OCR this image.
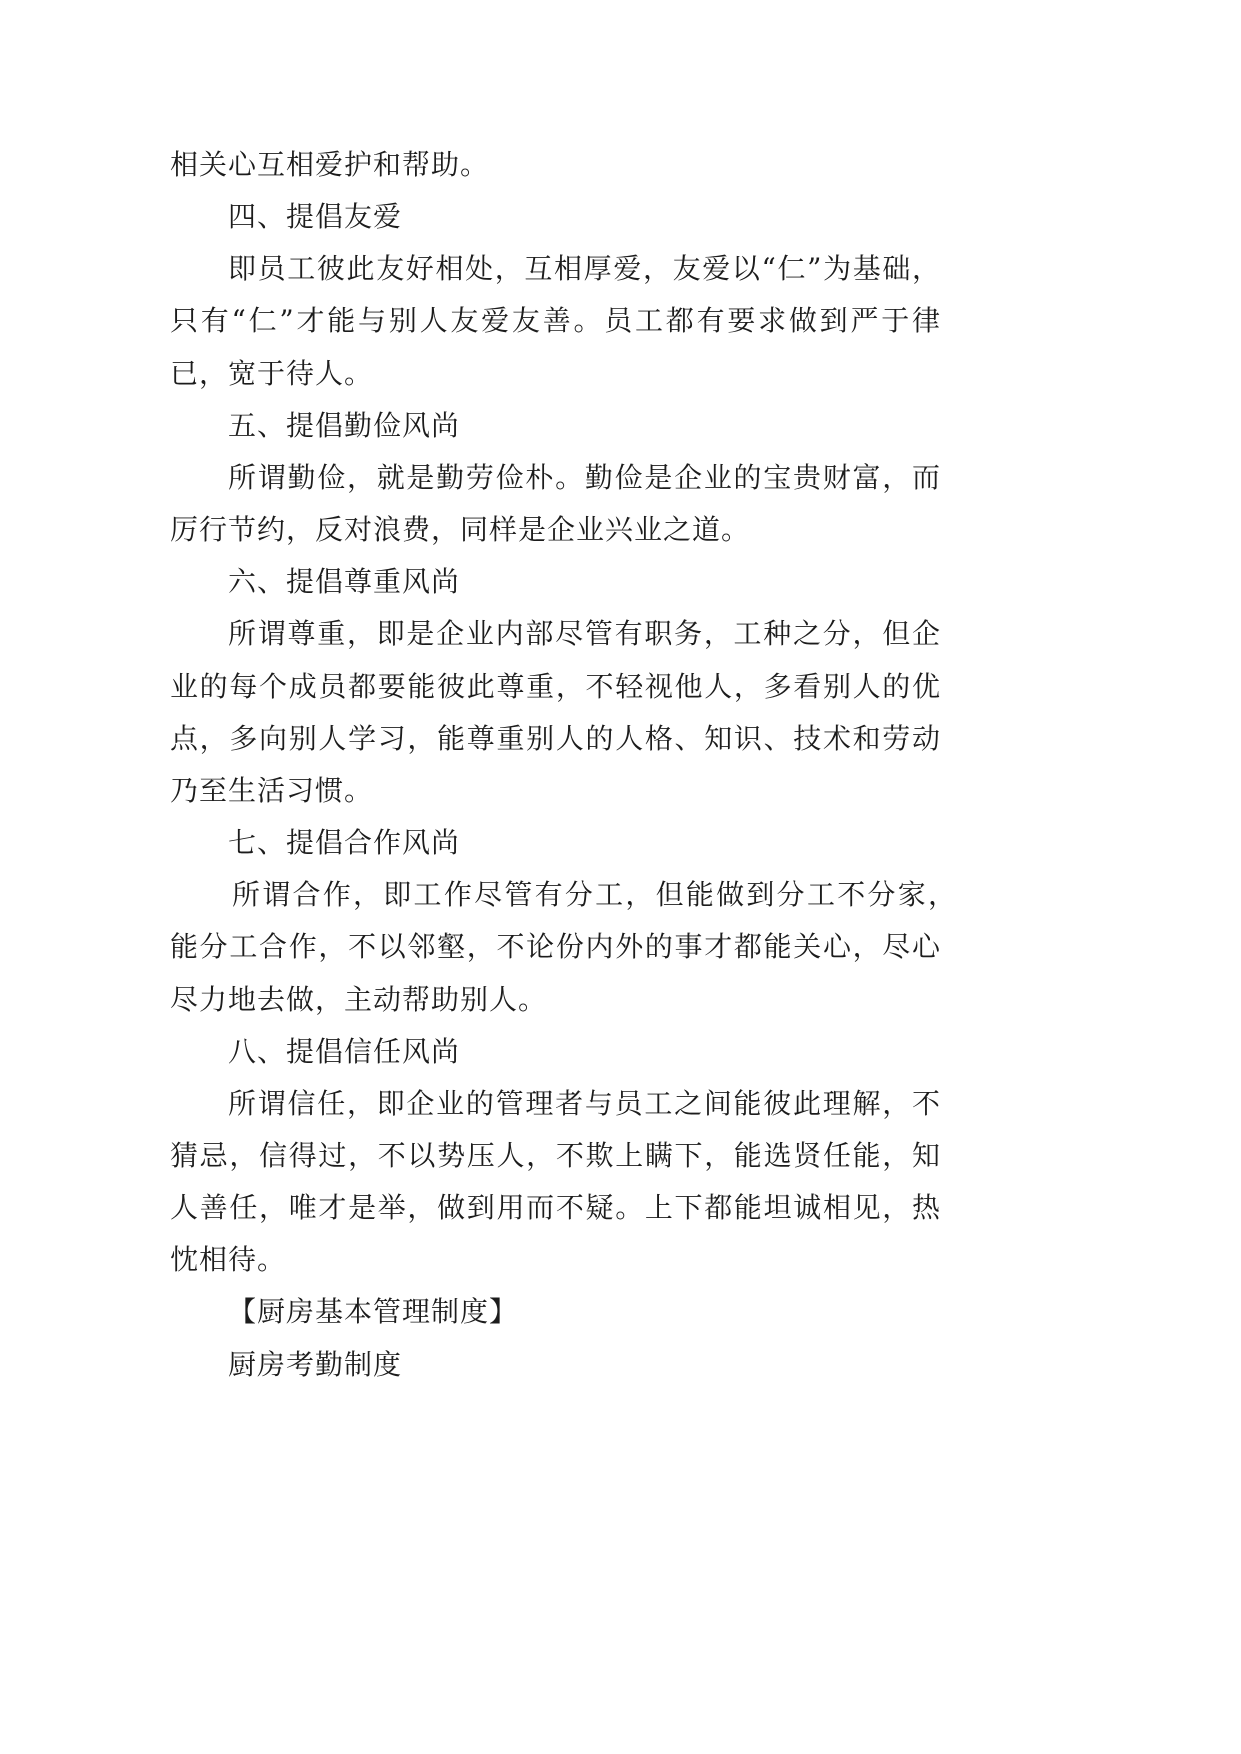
相关心互相爱护和帮助。
四、提倡友爱
即员工彼此友好相处，互相厚爱，友爱以“仁”为基础，
只有“仁”才能与别人友爱友善。员工都有要求做到严于律
已，宽于待人。
五、提倡勤俭风尚
所谓勤俭，就是勤劳俭朴。勤俭是企业的宝贵财富，而
厉行节约，反对浪费，同样是企业兴业之道。
六、提倡尊重风尚
所谓尊重，即是企业内部尽管有职务，工种之分，但企
业的每个成员都要能彼此尊重，不轻视他人，多看别人的优
点，多向别人学习，能尊重别人的人格、知识、技术和劳动
乃至生活习惯。
七、提倡合作风尚
所谓合作，即工作尽管有分工，但能做到分工不分家，
能分工合作，不以邻壑，不论份内外的事才都能关心，尽心
尽力地去做，主动帮助别人。
八、提倡信任风尚
所谓信任，即企业的管理者与员工之间能彼此理解，不
猜忌，信得过，不以势压人，不欺上瞒下，能选贤任能，知
人善任，唯才是举，做到用而不疑。上下都能坦诚相见，热
忱相待。
【厨房基本管理制度】
厨房考勤制度
